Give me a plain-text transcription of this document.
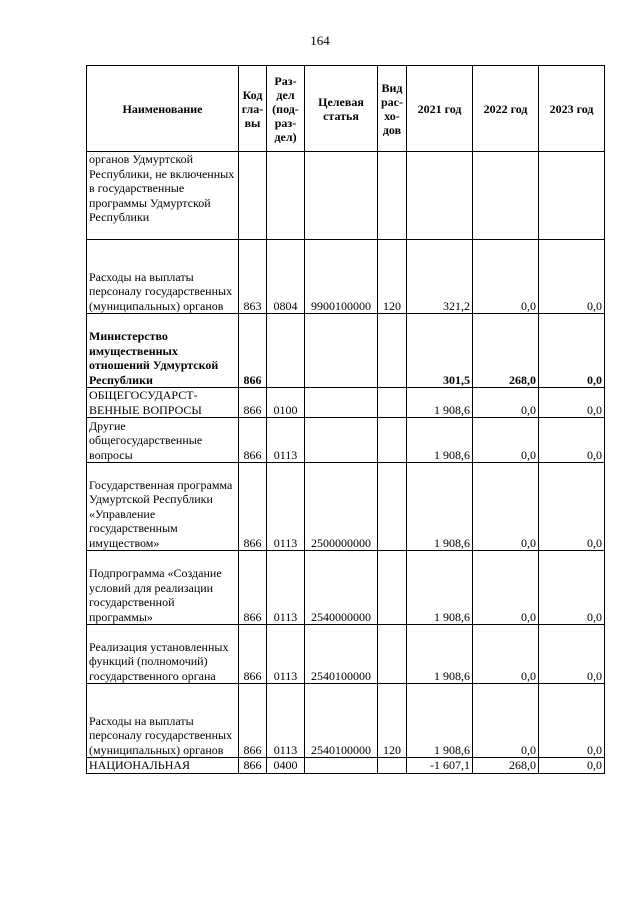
164
Наименование	Код гла- вы	Раз- дел (под- раз- дел)	Целевая статья	Вид рас- хо- дов	2021 год	2022 год	2023 год
органов Удмуртской Республики, не включенных в государственные программы Удмуртской Республики							
Расходы на выплаты персоналу государственных (муниципальных) органов	863	0804	9900100000	120	321,2	0,0	0,0
Министерство имущественных отношений Удмуртской Республики	866				301,5	268,0	0,0
ОБЩЕГОСУДАРСТ- ВЕННЫЕ ВОПРОСЫ	866	0100			1 908,6	0,0	0,0
Другие общегосударственные вопросы	866	0113			1 908,6	0,0	0,0
Государственная программа Удмуртской Республики «Управление государственным имуществом»	866	0113	2500000000		1 908,6	0,0	0,0
Подпрограмма «Создание условий для реализации государственной программы»	866	0113	2540000000		1 908,6	0,0	0,0
Реализация установленных функций (полномочий) государственного органа	866	0113	2540100000		1 908,6	0,0	0,0
Расходы на выплаты персоналу государственных (муниципальных) органов	866	0113	2540100000	120	1 908,6	0,0	0,0
НАЦИОНАЛЬНАЯ	866	0400			-1 607,1	268,0	0,0
